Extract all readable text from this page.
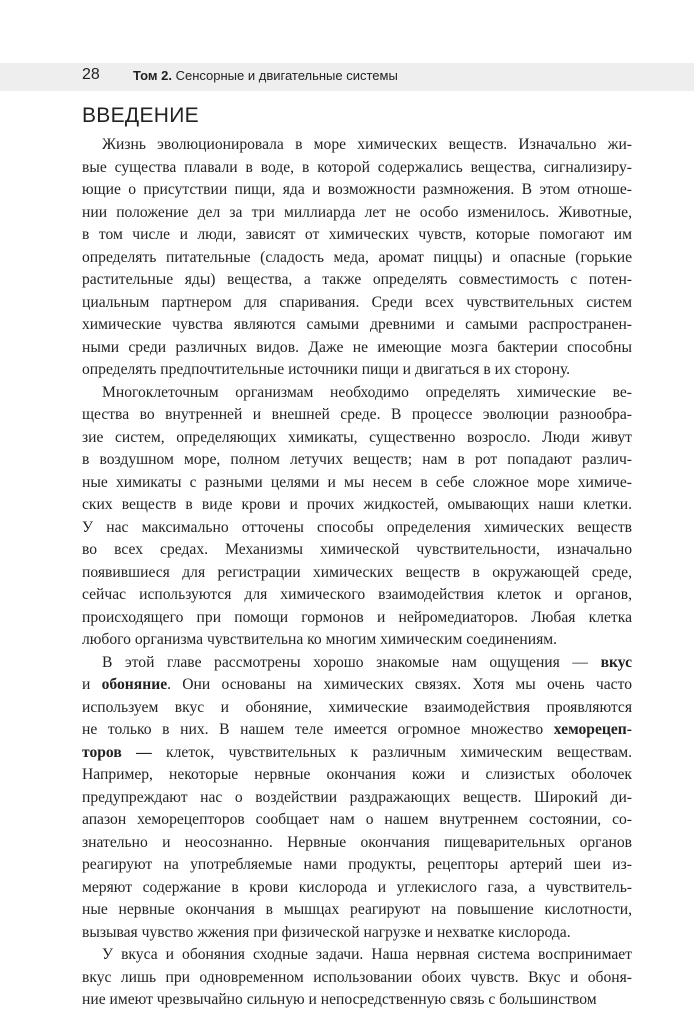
28	Том 2. Сенсорные и двигательные системы
ВВЕДЕНИЕ
Жизнь эволюционировала в море химических веществ. Изначально жи-
вые существа плавали в воде, в которой содержались вещества, сигнализиру-
ющие о присутствии пищи, яда и возможности размножения. В этом отноше-
нии положение дел за три миллиарда лет не особо изменилось. Животные,
в том числе и люди, зависят от химических чувств, которые помогают им
определять питательные (сладость меда, аромат пиццы) и опасные (горькие
растительные яды) вещества, а также определять совместимость с потен-
циальным партнером для спаривания. Среди всех чувствительных систем
химические чувства являются самыми древними и самыми распространен-
ными среди различных видов. Даже не имеющие мозга бактерии способны
определять предпочтительные источники пищи и двигаться в их сторону.
Многоклеточным организмам необходимо определять химические ве-
щества во внутренней и внешней среде. В процессе эволюции разнообра-
зие систем, определяющих химикаты, существенно возросло. Люди живут
в воздушном море, полном летучих веществ; нам в рот попадают различ-
ные химикаты с разными целями и мы несем в себе сложное море химиче-
ских веществ в виде крови и прочих жидкостей, омывающих наши клетки.
У нас максимально отточены способы определения химических веществ
во всех средах. Механизмы химической чувствительности, изначально
появившиеся для регистрации химических веществ в окружающей среде,
сейчас используются для химического взаимодействия клеток и органов,
происходящего при помощи гормонов и нейромедиаторов. Любая клетка
любого организма чувствительна ко многим химическим соединениям.
В этой главе рассмотрены хорошо знакомые нам ощущения — вкус
и обоняние. Они основаны на химических связях. Хотя мы очень часто
используем вкус и обоняние, химические взаимодействия проявляются
не только в них. В нашем теле имеется огромное множество хеморецеп-
торов — клеток, чувствительных к различным химическим веществам.
Например, некоторые нервные окончания кожи и слизистых оболочек
предупреждают нас о воздействии раздражающих веществ. Широкий ди-
апазон хеморецепторов сообщает нам о нашем внутреннем состоянии, со-
знательно и неосознанно. Нервные окончания пищеварительных органов
реагируют на употребляемые нами продукты, рецепторы артерий шеи из-
меряют содержание в крови кислорода и углекислого газа, а чувствитель-
ные нервные окончания в мышцах реагируют на повышение кислотности,
вызывая чувство жжения при физической нагрузке и нехватке кислорода.
У вкуса и обоняния сходные задачи. Наша нервная система воспринимает
вкус лишь при одновременном использовании обоих чувств. Вкус и обоня-
ние имеют чрезвычайно сильную и непосредственную связь с большинством
